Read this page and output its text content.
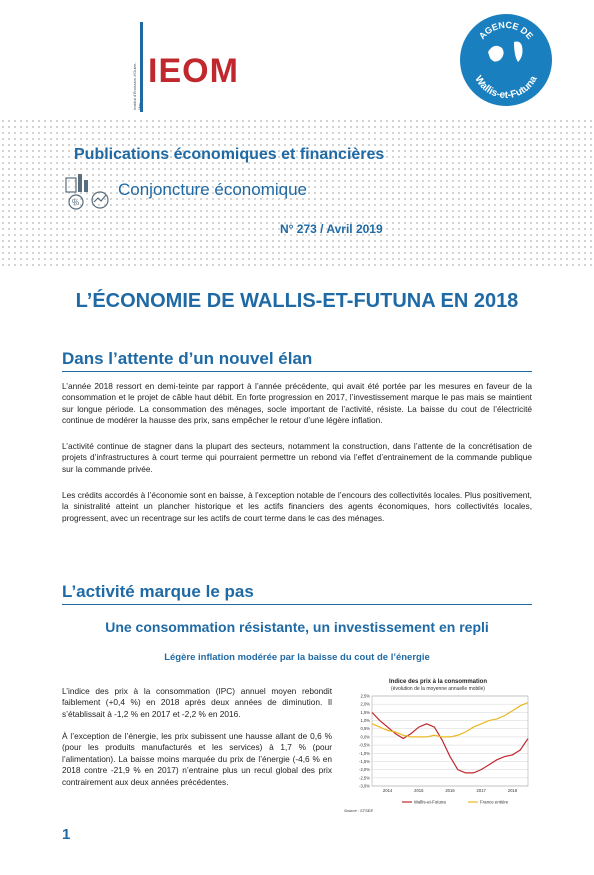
Institut d'Émission d'Outre- IEOM
AGENCE DE
Wallis-et-Futuna
Publications économiques et financières
%
Conjoncture économique
N° 273 / Avril 2019
L’ÉCONOMIE DE WALLIS-ET-FUTUNA EN 2018
Dans l’attente d’un nouvel élan
L’année 2018 ressort en demi-teinte par rapport à l’année précédente, qui avait été portée par les mesures en faveur de la consommation et le projet de câble haut débit. En forte progression en 2017, l’investissement marque le pas mais se maintient sur longue période. La consommation des ménages, socle important de l’activité, résiste. La baisse du cout de l’électricité continue de modérer la hausse des prix, sans empêcher le retour d’une légère inflation.
L’activité continue de stagner dans la plupart des secteurs, notamment la construction, dans l’attente de la concrétisation de projets d’infrastructures à court terme qui pourraient permettre un rebond via l’effet d’entrainement de la commande publique sur la commande privée.
Les crédits accordés à l’économie sont en baisse, à l’exception notable de l’encours des collectivités locales. Plus positivement, la sinistralité atteint un plancher historique et les actifs financiers des agents économiques, hors collectivités locales, progressent, avec un recentrage sur les actifs de court terme dans le cas des ménages.
L’activité marque le pas
Une consommation résistante, un investissement en repli
Légère inflation modérée par la baisse du cout de l’énergie
L’indice des prix à la consommation (IPC) annuel moyen rebondit faiblement (+0,4 %) en 2018 après deux années de diminution. Il s’établissait à -1,2 % en 2017 et -2,2 % en 2016.
À l’exception de l’énergie, les prix subissent une hausse allant de 0,6 % (pour les produits manufacturés et les services) à 1,7 % (pour l’alimentation). La baisse moins marquée du prix de l’énergie (-4,6 % en 2018 contre -21,9 % en 2017) n’entraine plus un recul global des prix contrairement aux deux années précédentes.
Indice des prix à la consommation
(évolution de la moyenne annuelle mobile)
2,5%
2,0%
1,5%
1,0%
0,5%
0,0%
-0,5%
-1,0%
-1,5%
-2,0%
-2,5%
-3,0%
2014	2015	2016	2017	2018
Wallis-et-Futuna	France entière
Source : STSEE
1
